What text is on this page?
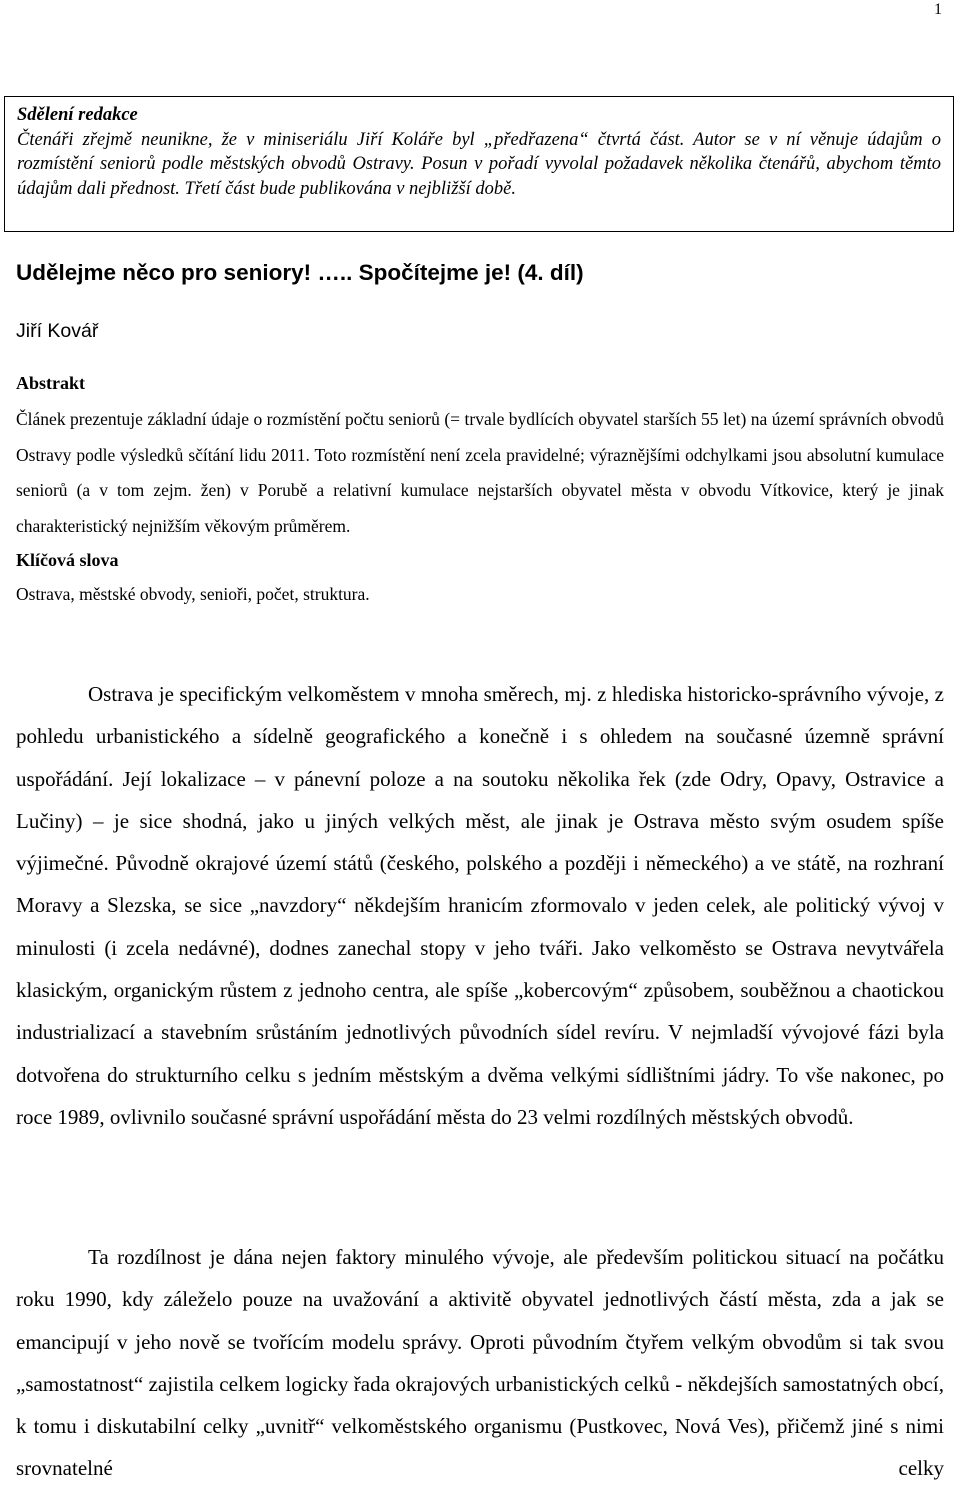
1
Sdělení redakce
Čtenáři zřejmě neunikne, že v miniseriálu Jiří Koláře byl „předřazena“ čtvrtá část. Autor se v ní věnuje údajům o rozmístění seniorů podle městských obvodů Ostravy. Posun v pořadí vyvolal požadavek několika čtenářů, abychom těmto údajům dali přednost. Třetí část bude publikována v nejbližší době.
Udělejme něco pro seniory! ….. Spočítejme je! (4. díl)

Jiří Kovář

Abstrakt

Článek prezentuje základní údaje o rozmístění počtu seniorů (= trvale bydlících obyvatel starších 55 let) na území správních obvodů Ostravy podle výsledků sčítání lidu 2011. Toto rozmístění není zcela pravidelné; výraznějšími odchylkami jsou absolutní kumulace seniorů (a v tom zejm. žen) v Porubě a relativní kumulace nejstarších obyvatel města v obvodu Vítkovice, který je jinak charakteristický nejnižším věkovým průměrem.

Klíčová slova

Ostrava, městské obvody, senioři, počet, struktura.

Ostrava je specifickým velkoměstem v mnoha směrech, mj. z hlediska historicko-správního vývoje, z pohledu urbanistického a sídelně geografického a konečně i s ohledem na současné územně správní uspořádání. Její lokalizace – v pánevní poloze a na soutoku několika řek (zde Odry, Opavy, Ostravice a Lučiny) – je sice shodná, jako u jiných velkých měst, ale jinak je Ostrava město svým osudem spíše výjimečné. Původně okrajové území států (českého, polského a později i německého) a ve státě, na rozhraní Moravy a Slezska, se sice „navzdory“ někdejším hranicím zformovalo v jeden celek, ale politický vývoj v minulosti (i zcela nedávné), dodnes zanechal stopy v jeho tváři. Jako velkoměsto se Ostrava nevytvářela klasickým, organickým růstem z jednoho centra, ale spíše „kobercovým“ způsobem, souběžnou a chaotickou industrializací a stavebním srůstáním jednotlivých původních sídel revíru. V nejmladší vývojové fázi byla dotvořena do strukturního celku s jedním městským a dvěma velkými sídlištními jádry. To vše nakonec, po roce 1989, ovlivnilo současné správní uspořádání města do 23 velmi rozdílných městských obvodů.

Ta rozdílnost je dána nejen faktory minulého vývoje, ale především politickou situací na počátku roku 1990, kdy záleželo pouze na uvažování a aktivitě obyvatel jednotlivých částí města, zda a jak se emancipují v jeho nově se tvořícím modelu správy. Oproti původním čtyřem velkým obvodům si tak svou „samostatnost“ zajistila celkem logicky řada okrajových urbanistických celků - někdejších samostatných obcí, k tomu i diskutabilní celky „uvnitř“ velkoměstského organismu (Pustkovec, Nová Ves), přičemž jiné s nimi srovnatelné celky
